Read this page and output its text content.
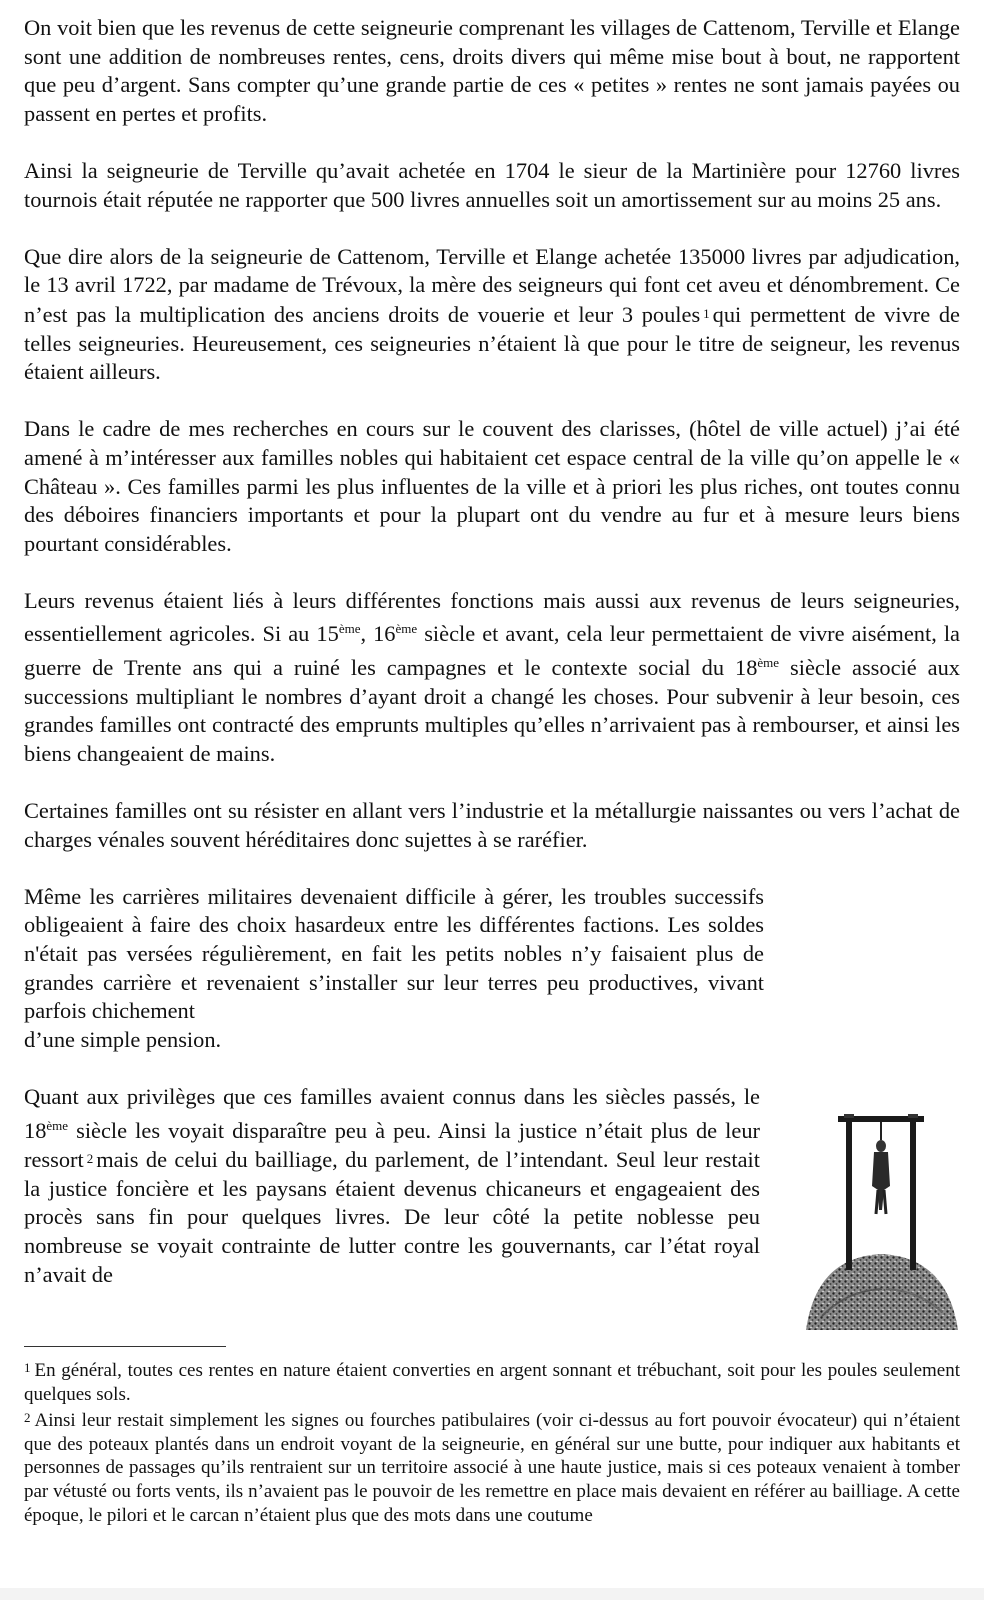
On voit bien que les revenus de cette seigneurie comprenant les villages de Cattenom, Terville et Elange sont une addition de nombreuses rentes, cens, droits divers qui même mise bout à bout, ne rapportent que peu d’argent. Sans compter qu’une grande partie de ces « petites » rentes ne sont jamais payées ou passent en pertes et profits.

Ainsi la seigneurie de Terville qu’avait achetée en 1704 le sieur de la Martinière pour 12760 livres tournois était réputée ne rapporter que 500 livres annuelles soit un amortissement sur au moins 25 ans.

Que dire alors de la seigneurie de Cattenom, Terville et Elange achetée 135000 livres par adjudication, le 13 avril 1722, par madame de Trévoux, la mère des seigneurs qui font cet aveu et dénombrement. Ce n’est pas la multiplication des anciens droits de vouerie et leur 3 poules 1 qui permettent de vivre de telles seigneuries. Heureusement, ces seigneuries n’étaient là que pour le titre de seigneur, les revenus étaient ailleurs.

Dans le cadre de mes recherches en cours sur le couvent des clarisses, (hôtel de ville actuel) j’ai été amené à m’intéresser aux familles nobles qui habitaient cet espace central de la ville qu’on appelle le « Château ». Ces familles parmi les plus influentes de la ville et à priori les plus riches, ont toutes connu des déboires financiers importants et pour la plupart ont du vendre au fur et à mesure leurs biens pourtant considérables.

Leurs revenus étaient liés à leurs différentes fonctions mais aussi aux revenus de leurs seigneuries, essentiellement agricoles. Si au 15ème, 16ème siècle et avant, cela leur permettaient de vivre aisément, la guerre de Trente ans qui a ruiné les campagnes et le contexte social du 18ème siècle associé aux successions multipliant le nombres d’ayant droit a changé les choses. Pour subvenir à leur besoin, ces grandes familles ont contracté des emprunts multiples qu’elles n’arrivaient pas à rembourser, et ainsi les biens changeaient de mains.

Certaines familles ont su résister en allant vers l’industrie et la métallurgie naissantes ou vers l’achat de charges vénales souvent héréditaires donc sujettes à se raréfier.

Même les carrières militaires devenaient difficile à gérer, les troubles successifs obligeaient à faire des choix hasardeux entre les différentes factions. Les soldes n'était pas versées régulièrement, en fait les petits nobles n’y faisaient plus de grandes carrière et revenaient s’installer sur leur terres peu productives, vivant parfois chichement
d’une simple pension.

Quant aux privilèges que ces familles avaient connus dans les siècles passés, le 18ème siècle les voyait disparaître peu à peu. Ainsi la justice n’était plus de leur ressort 2 mais de celui du bailliage, du parlement, de l’intendant. Seul leur restait la justice foncière et les paysans étaient devenus chicaneurs et engageaient des procès sans fin pour quelques livres. De leur côté la petite noblesse peu nombreuse se voyait contrainte de lutter contre les gouvernants, car l’état royal n’avait de

$^1$ En général, toutes ces rentes en nature étaient converties en argent sonnant et trébuchant, soit pour les poules seulement quelques sols.

$^2$ Ainsi leur restait simplement les signes ou fourches patibulaires (voir ci-dessus au fort pouvoir évocateur) qui n’étaient que des poteaux plantés dans un endroit voyant de la seigneurie, en général sur une butte, pour indiquer aux habitants et personnes de passages qu’ils rentraient sur un territoire associé à une haute justice, mais si ces poteaux venaient à tomber par vétusté ou forts vents, ils n’avaient pas le pouvoir de les remettre en place mais devaient en référer au bailliage. A cette époque, le pilori et le carcan n’étaient plus que des mots dans une coutume
